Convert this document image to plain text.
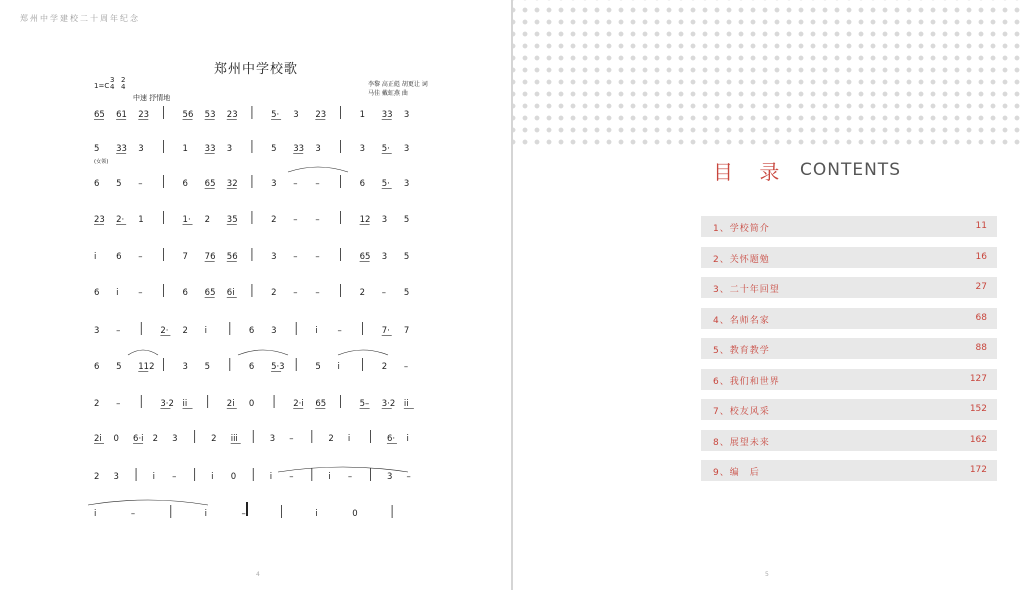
郑州中学建校二十周年纪念
郑州中学校歌
1=C
3
4
2
4
中速 抒情地
李黎 高正彪 胡更让 词
马佳 戴虹燕 曲
65 61 23	56 53 23	5· 3 23	1 33 3
5 33 3	1 33 3	5 33 3	3 5· 3
6 5 –	6 65 32	3 – –	6 5· 3
23 2· 1	1· 2 35	2 – –	12 3 5
i 6 –	7 76 56	3 – –	65 3 5
6 i –	6 65 6i	2 – –	2 – 5
3 –	2· 2 i	6 3	i –	7· 7
6 5 112	3 5	6 5·3	5 i	2 –
2 –	3·2 ii	2i 0	2·i 65	5– 3·2 ii
2i 0 6·i 2 3	2 iii	3 –	2 i	6· i
2 3	i –	i 0	i –	i –	3 –
i	–	i	–	i	0
(女领)
4	5
目 录 CONTENTS
1、学校简介	11
2、关怀题勉	16
3、二十年回望	27
4、名师名家	68
5、教育教学	88
6、我们和世界	127
7、校友风采	152
8、展望未来	162
9、编　后	172
